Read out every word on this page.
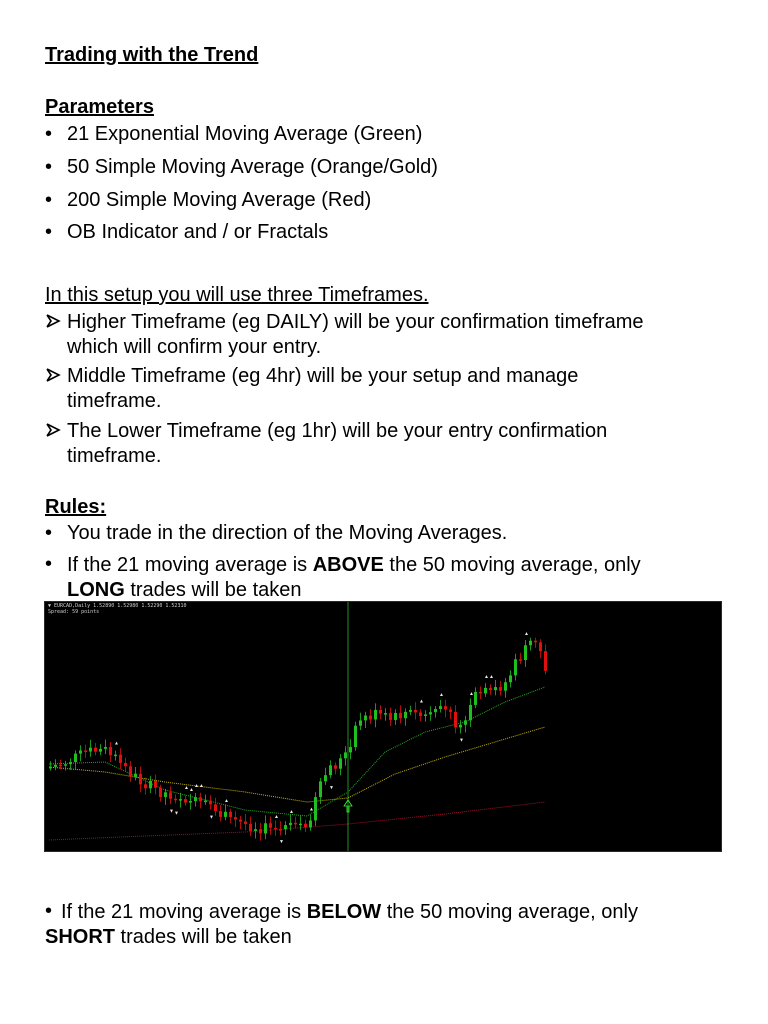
Trading with the Trend
Parameters
• 21 Exponential Moving Average (Green)
• 50 Simple Moving Average (Orange/Gold)
• 200 Simple Moving Average (Red)
• OB Indicator and / or Fractals
In this setup you will use three Timeframes.
Higher Timeframe (eg DAILY) will be your confirmation timeframe
which will confirm your entry.
Middle Timeframe (eg 4hr) will be your setup and manage
timeframe.
The Lower Timeframe (eg 1hr) will be your entry confirmation
timeframe.
Rules:
• You trade in the direction of the Moving Averages.
• If the 21 moving average is ABOVE the 50 moving average, only
LONG trades will be taken
▲
▼ ▼
▲ ▲
▲ ▲
▼
▲
▲
▼
▲	▲
▼
▲
▲
▼
▲
▲ ▲
▲
▼ EURCAD,Daily 1.52890 1.52980 1.52290 1.52310
Spread: 59 points
Only look for LONG Positions
21 & 50 MA Crossed UP
• If the 21 moving average is BELOW the 50 moving average, only
SHORT trades will be taken
